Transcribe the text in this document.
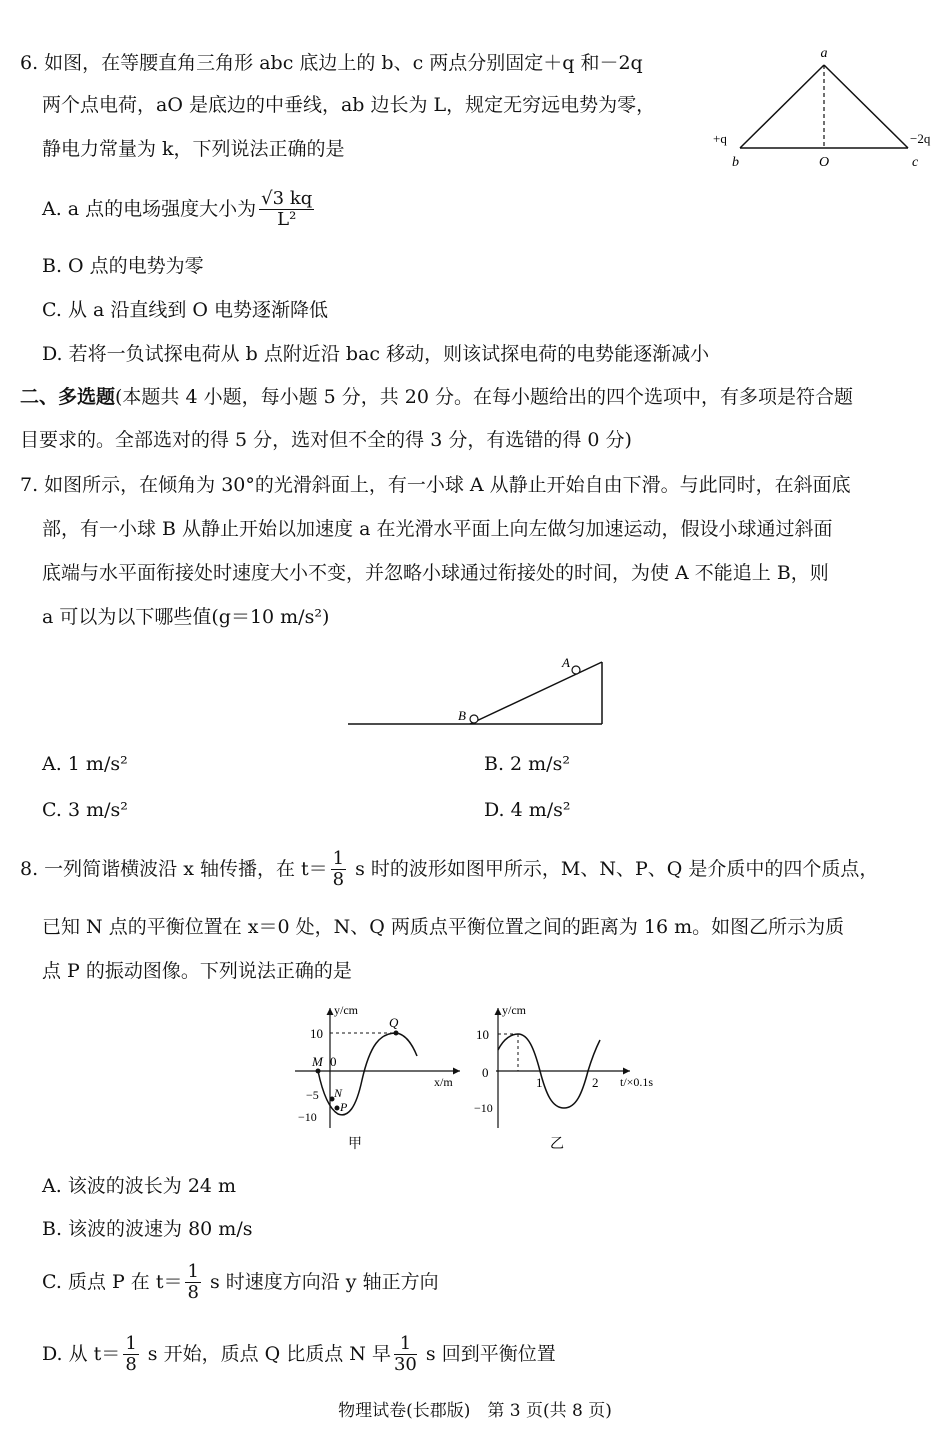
6. 如图，在等腰直角三角形 abc 底边上的 b、c 两点分别固定＋q 和－2q
两个点电荷，aO 是底边的中垂线，ab 边长为 L，规定无穷远电势为零，
静电力常量为 k，下列说法正确的是
a
+q
b	O
−2q
c
A. a 点的电场强度大小为 $\frac{√3 kq}{\text{L²}}$
B. O 点的电势为零
C. 从 a 沿直线到 O 电势逐渐降低
D. 若将一负试探电荷从 b 点附近沿 bac 移动，则该试探电荷的电势能逐渐减小
二、多选题(本题共 4 小题，每小题 5 分，共 20 分。在每小题给出的四个选项中，有多项是符合题
目要求的。全部选对的得 5 分，选对但不全的得 3 分，有选错的得 0 分)
7. 如图所示，在倾角为 30°的光滑斜面上，有一小球 A 从静止开始自由下滑。与此同时，在斜面底
部，有一小球 B 从静止开始以加速度 a 在光滑水平面上向左做匀加速运动，假设小球通过斜面
底端与水平面衔接处时速度大小不变，并忽略小球通过衔接处的时间，为使 A 不能追上 B，则
a 可以为以下哪些值(g＝10 m/s²)
B
A
A. 1 m/s²	B. 2 m/s²
C. 3 m/s²	D. 4 m/s²
8. 一列简谐横波沿 x 轴传播，在 $t= \frac{1}{8}$ s 时的波形如图甲所示，M、N、P、Q 是介质中的四个质点，
已知 N 点的平衡位置在 x＝0 处，N、Q 两质点平衡位置之间的距离为 16 m。如图乙所示为质
点 P 的振动图像。下列说法正确的是
y/cm
x/m
10
0
−5
−10
M
N
P
Q
甲
y/cm
t/×0.1s
10
0
−10
1	2
乙
A. 该波的波长为 24 m
B. 该波的波速为 80 m/s
C. 质点 P 在 $t= \frac{1}{8}$ s 时速度方向沿 y 轴正方向
D. 从 $t= \frac{1}{8}$ s 开始，质点 Q 比质点 N 早 $\frac{1}{30}$ s 回到平衡位置
物理试卷(长郡版)　第 3 页(共 8 页)
